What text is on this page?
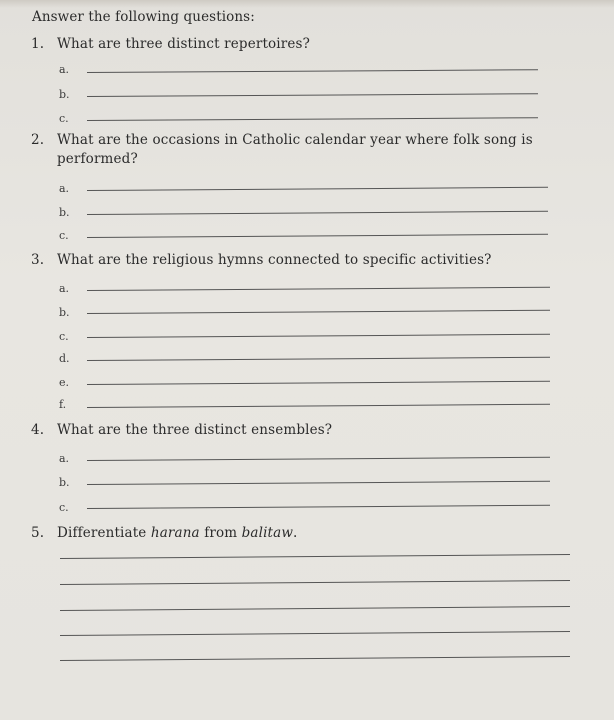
Answer the following questions:
1. What are three distinct repertoires?
a.
b.
c.
2. What are the occasions in Catholic calendar year where folk song is
performed?
a.
b.
c.
3. What are the religious hymns connected to specific activities?
a.
b.
c.
d.
e.
f.
4. What are the three distinct ensembles?
a.
b.
c.
5. Differentiate harana from balitaw.
